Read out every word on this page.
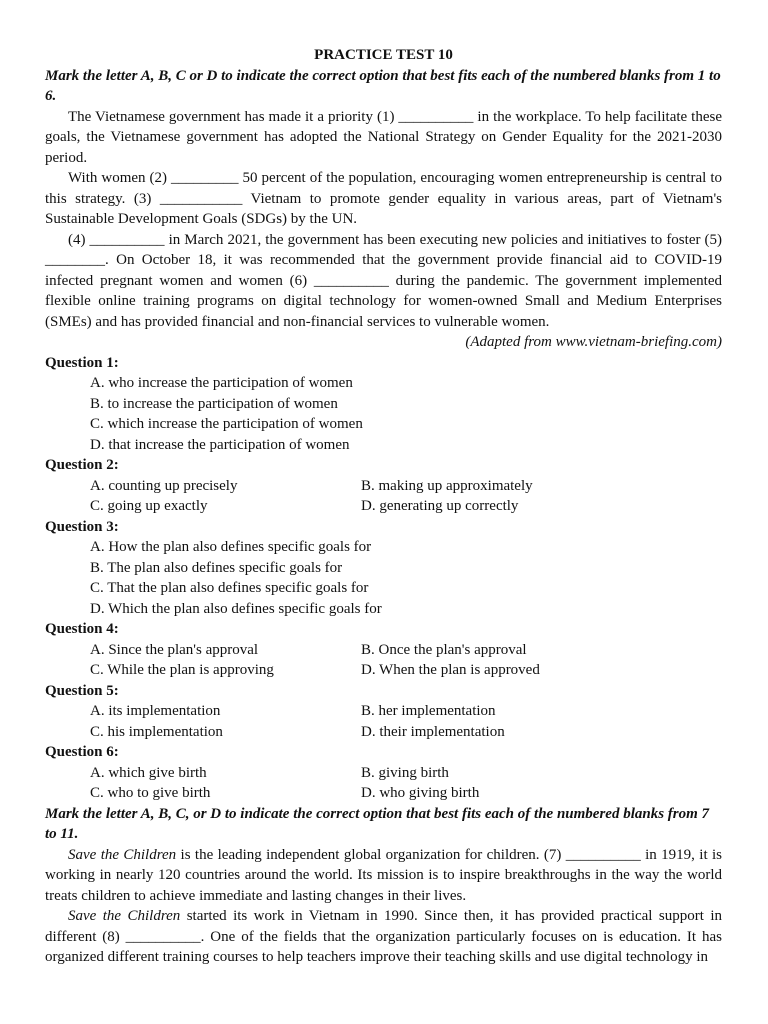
PRACTICE TEST 10
Mark the letter A, B, C or D to indicate the correct option that best fits each of the numbered blanks from 1 to 6.

The Vietnamese government has made it a priority (1) __________ in the workplace. To help facilitate these goals, the Vietnamese government has adopted the National Strategy on Gender Equality for the 2021-2030 period.

With women (2) _________ 50 percent of the population, encouraging women entrepreneurship is central to this strategy. (3) ___________ Vietnam to promote gender equality in various areas, part of Vietnam's Sustainable Development Goals (SDGs) by the UN.

(4) __________ in March 2021, the government has been executing new policies and initiatives to foster (5) ________. On October 18, it was recommended that the government provide financial aid to COVID-19 infected pregnant women and women (6) __________ during the pandemic. The government implemented flexible online training programs on digital technology for women-owned Small and Medium Enterprises (SMEs) and has provided financial and non-financial services to vulnerable women.

(Adapted from www.vietnam-briefing.com)
Question 1:
A. who increase the participation of women
B. to increase the participation of women
C. which increase the participation of women
D. that increase the participation of women
Question 2:
A. counting up precisely	B. making up approximately
C. going up exactly	D. generating up correctly
Question 3:
A. How the plan also defines specific goals for
B. The plan also defines specific goals for
C. That the plan also defines specific goals for
D. Which the plan also defines specific goals for
Question 4:
A. Since the plan's approval	B. Once the plan's approval
C. While the plan is approving	D. When the plan is approved
Question 5:
A. its implementation	B. her implementation
C. his implementation	D. their implementation
Question 6:
A. which give birth	B. giving birth
C. who to give birth	D. who giving birth
Mark the letter A, B, C, or D to indicate the correct option that best fits each of the numbered blanks from 7 to 11.

Save the Children is the leading independent global organization for children. (7) __________ in 1919, it is working in nearly 120 countries around the world. Its mission is to inspire breakthroughs in the way the world treats children to achieve immediate and lasting changes in their lives.

Save the Children started its work in Vietnam in 1990. Since then, it has provided practical support in different (8) __________. One of the fields that the organization particularly focuses on is education. It has organized different training courses to help teachers improve their teaching skills and use digital technology in
